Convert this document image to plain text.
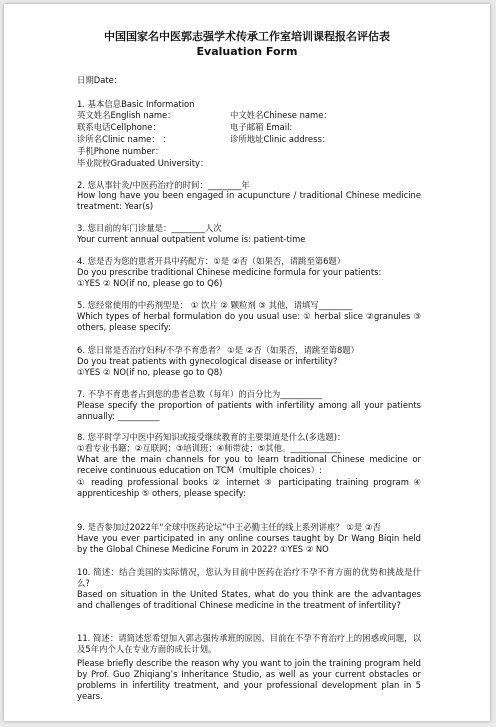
中国国家名中医郭志强学术传承工作室培训课程报名评估表
Evaluation Form
日期Date：
1. 基本信息Basic Information
英文姓名English name：	中文姓名Chinese name：
联系电话Cellphone：	电子邮箱 Email:
诊所名Clinic name： ：	诊所地址Clinic address：
手机Phone number：
毕业院校Graduated University：
2. 您从事针灸/中医药治疗的时间：________年
How long have you been engaged in acupuncture / traditional Chinese medicine treatment: Year(s)
3. 您目前的年门诊量是：________人次
Your current annual outpatient volume is: patient-time
4. 您是否为您的患者开具中药配方：①是 ②否（如果否，请跳至第6题）
Do you prescribe traditional Chinese medicine formula for your patients:
①YES ② NO(if no, please go to Q6)
5. 您经常使用的中药剂型是： ① 饮片 ② 颗粒剂 ③ 其他，请填写________
Which types of herbal formulation do you usual use: ① herbal slice ②granules ③ others, please specify:
6. 您日常是否治疗妇科/不孕不育患者？ ①是 ②否（如果否，请跳至第8题）
Do you treat patients with gynecological disease or infertility?
①YES ② NO(if no, please go to Q8)
7. 不孕不育患者占到您的患者总数（每年）的百分比为__________
Please specify the proportion of patients with infertility among all your patients annually: __________
8. 您平时学习中医中药知识或接受继续教育的主要渠道是什么(多选题)：
①看专业书籍；②互联网；③培训班；④师带徒；⑤其他。____________
What are the main channels for you to learn traditional Chinese medicine or receive continuous education on TCM（multiple choices）:
① reading professional books ② internet ③ participating training program ④ apprenticeship ⑤ others, please specify:
9. 是否参加过2022年“全球中医药论坛”中王必勤主任的线上系列讲座？ ①是 ②否
Have you ever participated in any online courses taught by Dr Wang Biqin held by the Global Chinese Medicine Forum in 2022? ①YES ② NO
10. 简述：结合美国的实际情况，您认为目前中医药在治疗不孕不育方面的优势和挑战是什么?
Based on situation in the United States, what do you think are the advantages and challenges of traditional Chinese medicine in the treatment of infertility?
11. 简述：请简述您希望加入郭志强传承班的原因、目前在不孕不育治疗上的困惑或问题，以及5年内个人在专业方面的成长计划。
Please briefly describe the reason why you want to join the training program held by Prof. Guo Zhiqiang’s Inheritance Studio, as well as your current obstacles or problems in infertility treatment, and your professional development plan in 5 years.
